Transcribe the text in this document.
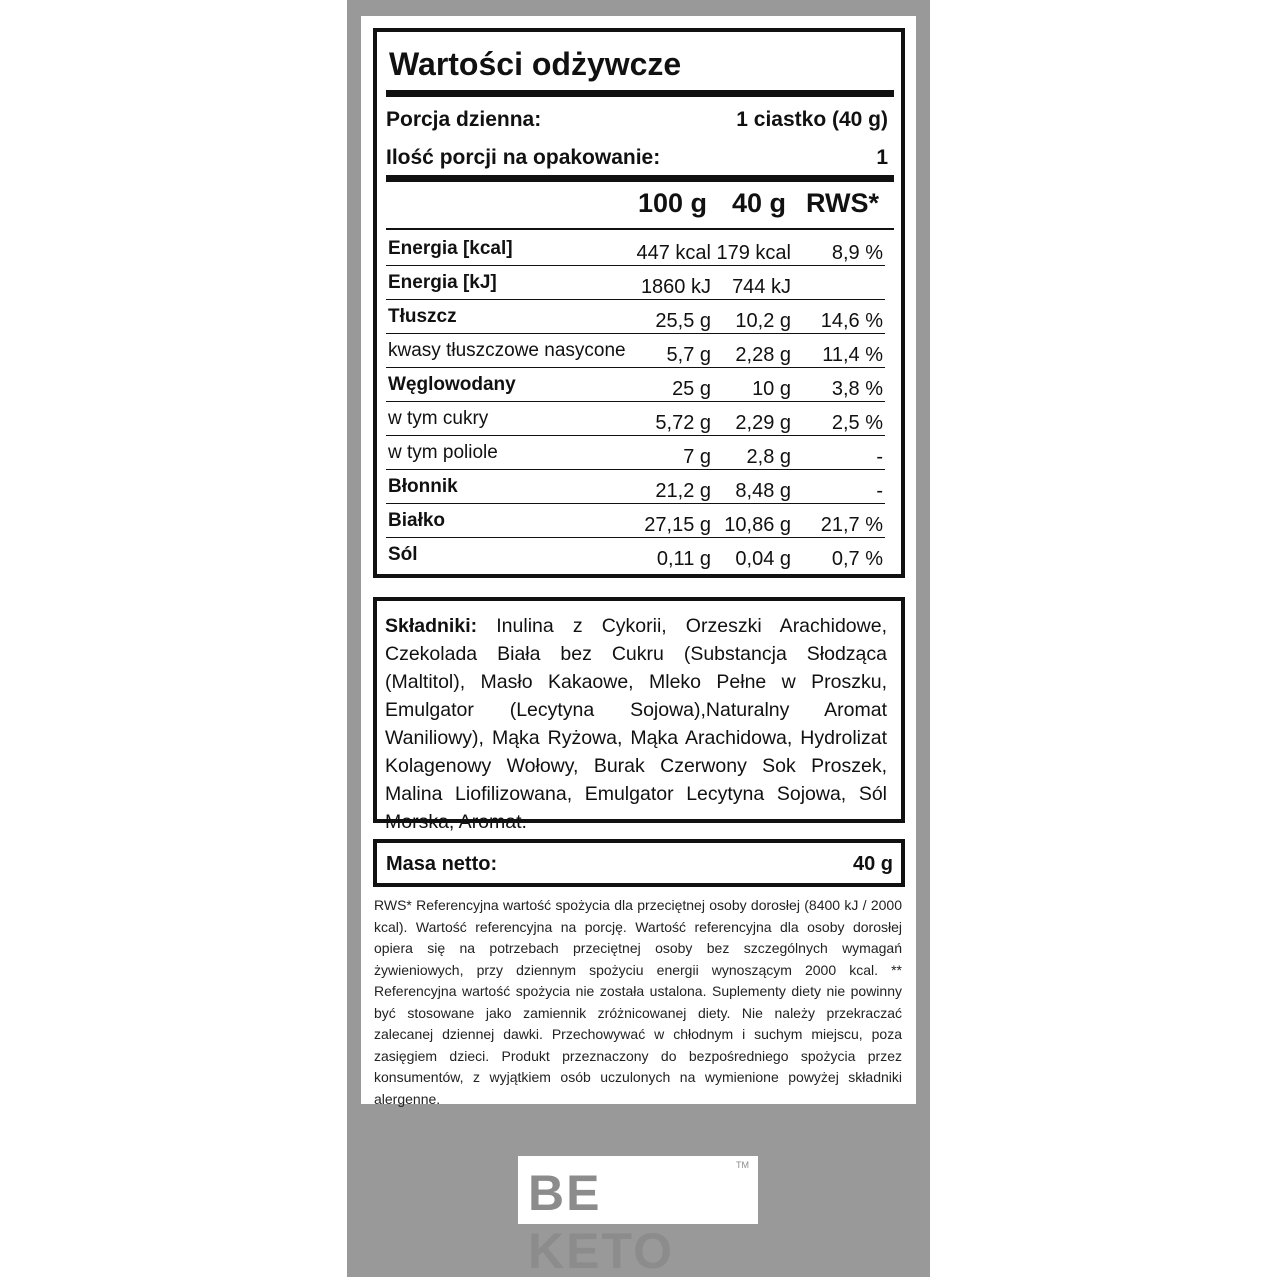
Wartości odżywcze
Porcja dzienna:	1 ciastko (40 g)
Ilość porcji na opakowanie:	1
100 g 40 g RWS*
Energia [kcal]	447 kcal 179 kcal 8,9 %
Energia [kJ]	1860 kJ 744 kJ
Tłuszcz	25,5 g 10,2 g 14,6 %
kwasy tłuszczowe nasycone 5,7 g 2,28 g 11,4 %
Węglowodany	25 g 10 g 3,8 %
w tym cukry	5,72 g 2,29 g 2,5 %
w tym poliole	7 g 2,8 g	-
Błonnik	21,2 g 8,48 g	-
Białko	27,15 g 10,86 g 21,7 %
Sól	0,11 g 0,04 g 0,7 %
Składniki: Inulina z Cykorii, Orzeszki Arachidowe, Czekolada Biała bez Cukru (Substancja Słodząca (Maltitol), Masło Kakaowe, Mleko Pełne w Proszku, Emulgator (Lecytyna Sojowa),Naturalny Aromat Waniliowy), Mąka Ryżowa, Mąka Arachidowa, Hydrolizat Kolagenowy Wołowy, Burak Czerwony Sok Proszek, Malina Liofilizowana, Emulgator Lecytyna Sojowa, Sól Morska, Aromat.
Masa netto:	40 g
RWS* Referencyjna wartość spożycia dla przeciętnej osoby dorosłej (8400 kJ / 2000 kcal). Wartość referencyjna na porcję. Wartość referencyjna dla osoby dorosłej opiera się na potrzebach przeciętnej osoby bez szczególnych wymagań żywieniowych, przy dziennym spożyciu energii wynoszącym 2000 kcal. ** Referencyjna wartość spożycia nie została ustalona. Suplementy diety nie powinny być stosowane jako zamiennik zróżnicowanej diety. Nie należy przekraczać zalecanej dziennej dawki. Przechowywać w chłodnym i suchym miejscu, poza zasięgiem dzieci. Produkt przeznaczony do bezpośredniego spożycia przez konsumentów, z wyjątkiem osób uczulonych na wymienione powyżej składniki alergenne.
BE KETO
TM
